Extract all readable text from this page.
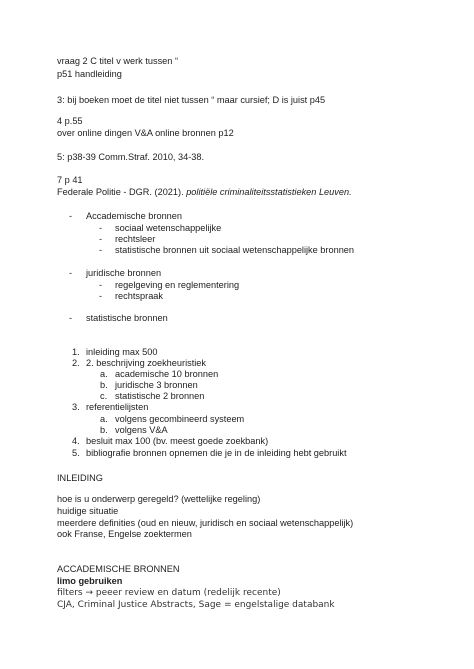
vraag 2 C titel v werk tussen “
p51 handleiding
3: bij boeken moet de titel niet tussen “ maar cursief; D is juist p45
4 p.55
over online dingen V&A online bronnen p12
5: p38-39 Comm.Straf. 2010, 34-38.
7 p 41
Federale Politie - DGR. (2021). politiële criminaliteitsstatistieken Leuven.
- Accademische bronnen
- sociaal wetenschappelijke
- rechtsleer
- statistische bronnen uit sociaal wetenschappelijke bronnen
- juridische bronnen
- regelgeving en reglementering
- rechtspraak
- statistische bronnen
1. inleiding max 500
2. 2. beschrijving zoekheuristiek
a. academische 10 bronnen
b. juridische 3 bronnen
c. statistische 2 bronnen
3. referentielijsten
a. volgens gecombineerd systeem
b. volgens V&A
4. besluit max 100 (bv. meest goede zoekbank)
5. bibliografie bronnen opnemen die je in de inleiding hebt gebruikt
INLEIDING
hoe is u onderwerp geregeld? (wettelijke regeling)
huidige situatie
meerdere definities (oud en nieuw, juridisch en sociaal wetenschappelijk)
ook Franse, Engelse zoektermen
ACCADEMISCHE BRONNEN
limo gebruiken
filters → peeer review en datum (redelijk recente)
CJA, Criminal Justice Abstracts, Sage = engelstalige databank
